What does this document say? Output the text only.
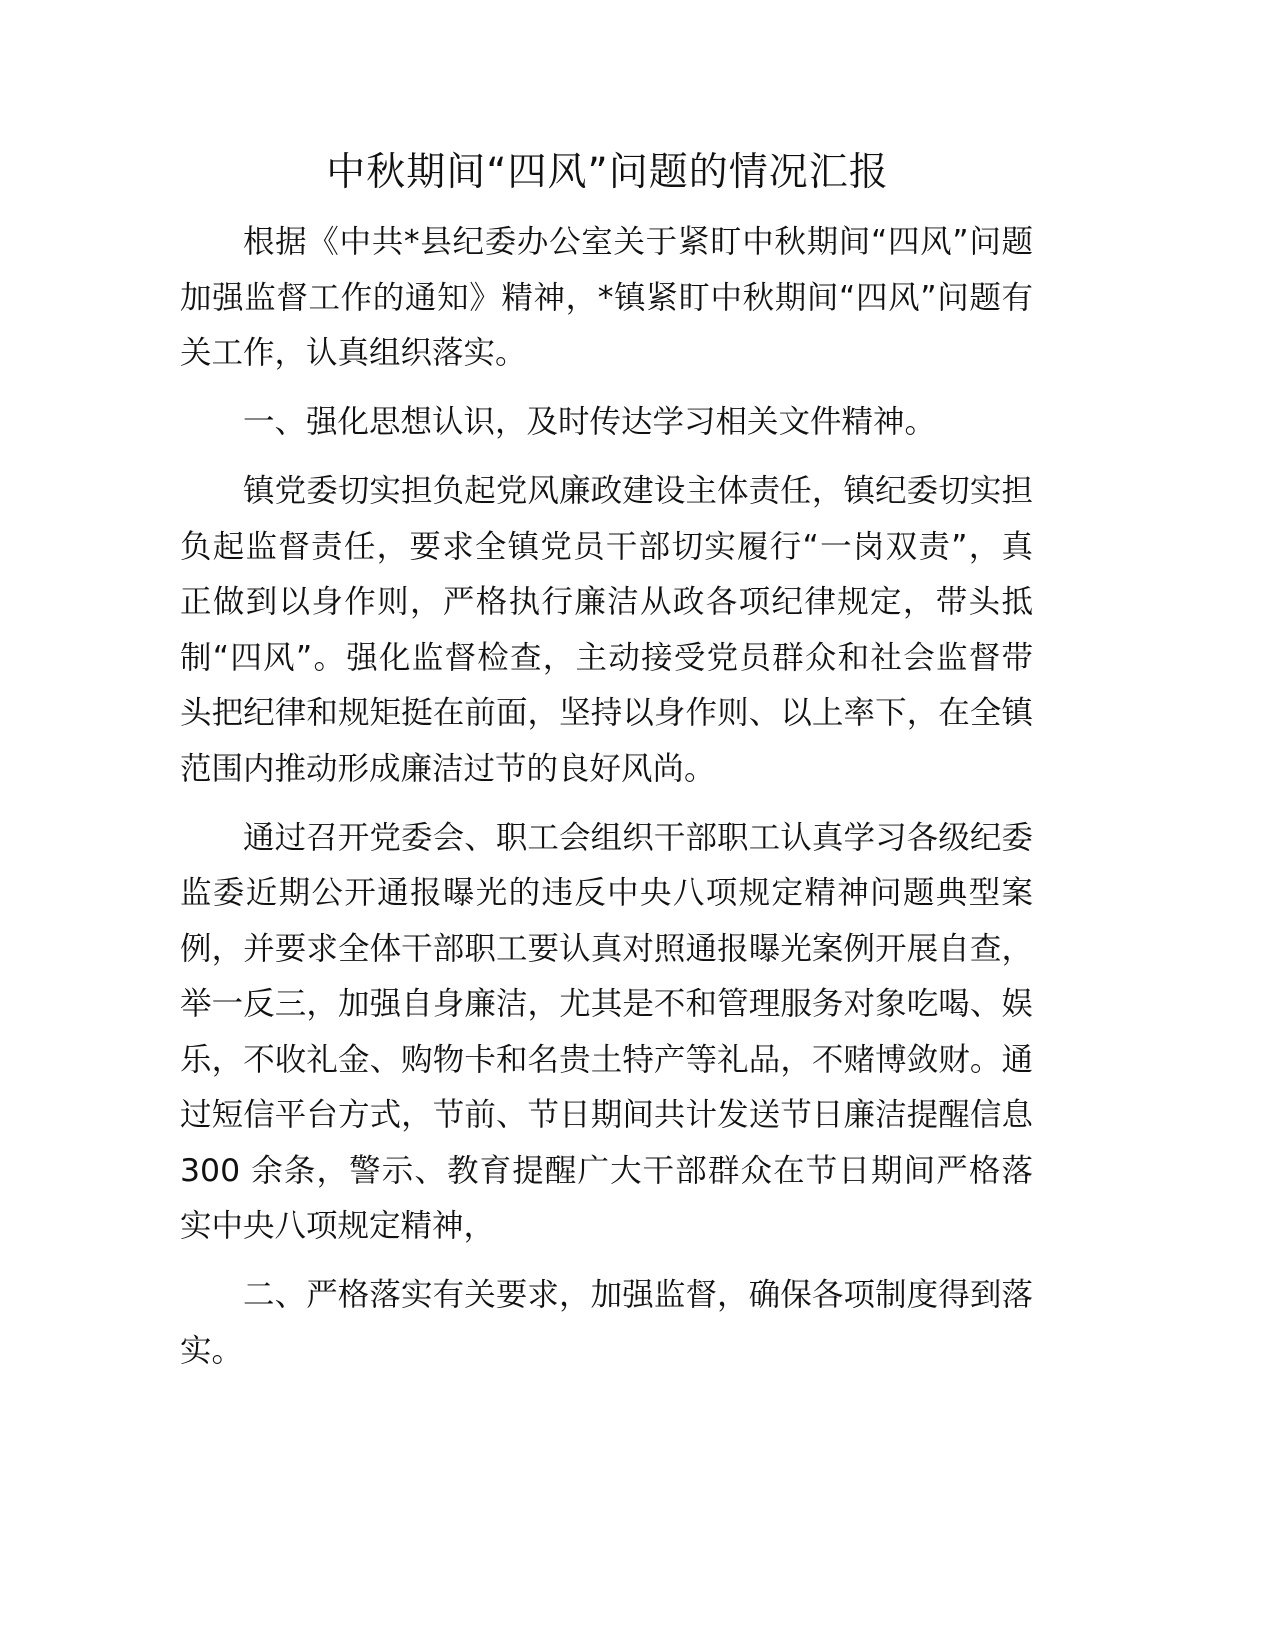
中秋期间“四风”问题的情况汇报
根据《中共*县纪委办公室关于紧盯中秋期间“四风”问题
加强监督工作的通知》精神，*镇紧盯中秋期间“四风”问题有
关工作，认真组织落实。
一、强化思想认识，及时传达学习相关文件精神。
镇党委切实担负起党风廉政建设主体责任，镇纪委切实担
负起监督责任，要求全镇党员干部切实履行“一岗双责”，真
正做到以身作则，严格执行廉洁从政各项纪律规定，带头抵
制“四风”。强化监督检查，主动接受党员群众和社会监督带
头把纪律和规矩挺在前面，坚持以身作则、以上率下，在全镇
范围内推动形成廉洁过节的良好风尚。
通过召开党委会、职工会组织干部职工认真学习各级纪委
监委近期公开通报曝光的违反中央八项规定精神问题典型案
例，并要求全体干部职工要认真对照通报曝光案例开展自查，
举一反三，加强自身廉洁，尤其是不和管理服务对象吃喝、娱
乐，不收礼金、购物卡和名贵土特产等礼品，不赌博敛财。通
过短信平台方式，节前、节日期间共计发送节日廉洁提醒信息
300 余条，警示、教育提醒广大干部群众在节日期间严格落
实中央八项规定精神，
二、严格落实有关要求，加强监督，确保各项制度得到落
实。
